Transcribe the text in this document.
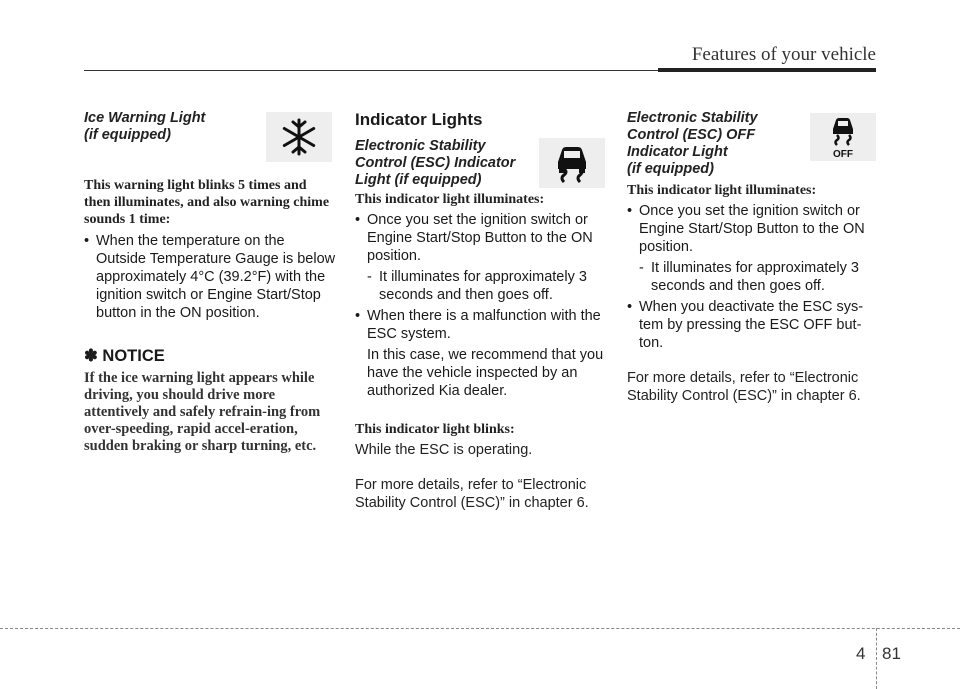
Features of your vehicle
Ice Warning Light
(if equipped)
This warning light blinks 5 times and then illuminates, and also warning chime sounds 1 time:
• When the temperature on the Outside Temperature Gauge is below approximately 4°C (39.2°F) with the ignition switch or Engine Start/Stop button in the ON position.
✽ NOTICE
If the ice warning light appears while driving, you should drive more attentively and safely refrain-ing from over-speeding, rapid accel-eration, sudden braking or sharp turning, etc.
Indicator Lights
Electronic Stability
Control (ESC) Indicator
Light (if equipped)
This indicator light illuminates:
• Once you set the ignition switch or Engine Start/Stop Button to the ON position.
- It illuminates for approximately 3 seconds and then goes off.
• When there is a malfunction with the ESC system.
In this case, we recommend that you have the vehicle inspected by an authorized Kia dealer.
This indicator light blinks:
While the ESC is operating.
For more details, refer to “Electronic Stability Control (ESC)” in chapter 6.
Electronic Stability
Control (ESC) OFF
Indicator Light
(if equipped)
This indicator light illuminates:
• Once you set the ignition switch or Engine Start/Stop Button to the ON position.
- It illuminates for approximately 3 seconds and then goes off.
• When you deactivate the ESC sys-tem by pressing the ESC OFF but-ton.
For more details, refer to “Electronic Stability Control (ESC)” in chapter 6.
OFF
4 81
